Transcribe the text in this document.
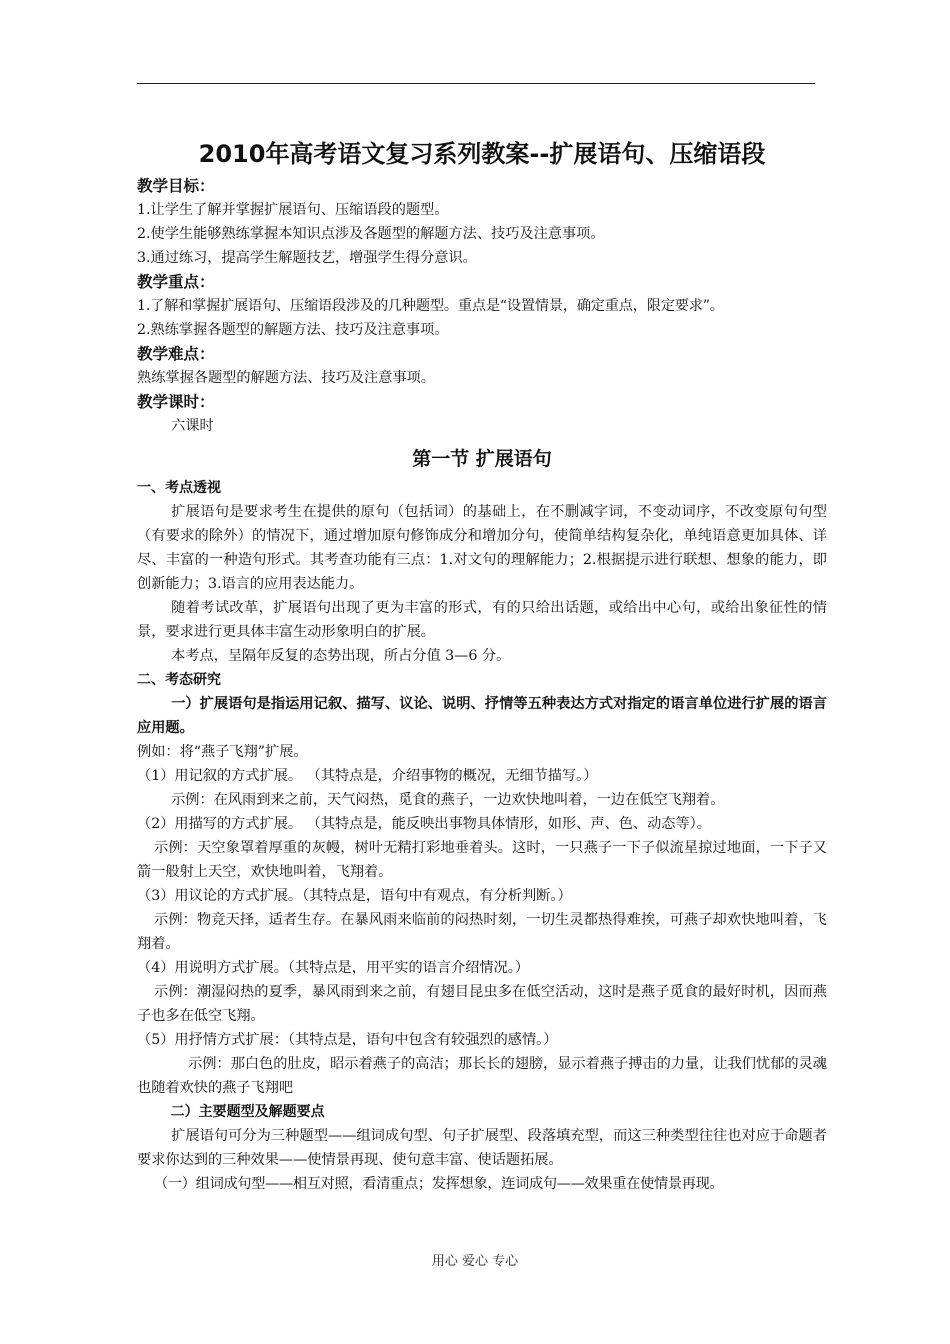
2010年高考语文复习系列教案--扩展语句、压缩语段

教学目标：

1.让学生了解并掌握扩展语句、压缩语段的题型。

2.使学生能够熟练掌握本知识点涉及各题型的解题方法、技巧及注意事项。

3.通过练习，提高学生解题技艺，增强学生得分意识。

教学重点：

1.了解和掌握扩展语句、压缩语段涉及的几种题型。重点是“设置情景，确定重点，限定要求”。

2.熟练掌握各题型的解题方法、技巧及注意事项。

教学难点：

熟练掌握各题型的解题方法、技巧及注意事项。

教学课时：

六课时

第一节 扩展语句

一、考点透视

扩展语句是要求考生在提供的原句（包括词）的基础上，在不删减字词，不变动词序，不改变原句句型（有要求的除外）的情况下，通过增加原句修饰成分和增加分句，使简单结构复杂化，单纯语意更加具体、详尽、丰富的一种造句形式。其考查功能有三点：1.对文句的理解能力；2.根据提示进行联想、想象的能力，即创新能力；3.语言的应用表达能力。

随着考试改革，扩展语句出现了更为丰富的形式，有的只给出话题，或给出中心句，或给出象征性的情景，要求进行更具体丰富生动形象明白的扩展。

本考点，呈隔年反复的态势出现，所占分值 3—6 分。

二、考态研究

一）扩展语句是指运用记叙、描写、议论、说明、抒情等五种表达方式对指定的语言单位进行扩展的语言应用题。

例如：将“燕子飞翔”扩展。

（1）用记叙的方式扩展。 （其特点是，介绍事物的概况，无细节描写。）

示例：在风雨到来之前，天气闷热，觅食的燕子，一边欢快地叫着，一边在低空飞翔着。

（2）用描写的方式扩展。 （其特点是，能反映出事物具体情形，如形、声、色、动态等）。

示例：天空象罩着厚重的灰幔，树叶无精打彩地垂着头。这时，一只燕子一下子似流星掠过地面，一下子又箭一般射上天空，欢快地叫着，飞翔着。

（3）用议论的方式扩展。（其特点是，语句中有观点，有分析判断。）

示例：物竞天择，适者生存。在暴风雨来临前的闷热时刻，一切生灵都热得难挨，可燕子却欢快地叫着，飞翔着。

（4）用说明方式扩展。（其特点是，用平实的语言介绍情况。）

示例：潮湿闷热的夏季，暴风雨到来之前，有翅目昆虫多在低空活动，这时是燕子觅食的最好时机，因而燕子也多在低空飞翔。

（5）用抒情方式扩展：（其特点是，语句中包含有较强烈的感情。）

示例：那白色的肚皮，昭示着燕子的高洁；那长长的翅膀，显示着燕子搏击的力量，让我们忧郁的灵魂也随着欢快的燕子飞翔吧

二）主要题型及解题要点

扩展语句可分为三种题型——组词成句型、句子扩展型、段落填充型，而这三种类型往往也对应于命题者要求你达到的三种效果——使情景再现、使句意丰富、使话题拓展。

（一）组词成句型——相互对照，看清重点；发挥想象，连词成句——效果重在使情景再现。

用心 爱心 专心
